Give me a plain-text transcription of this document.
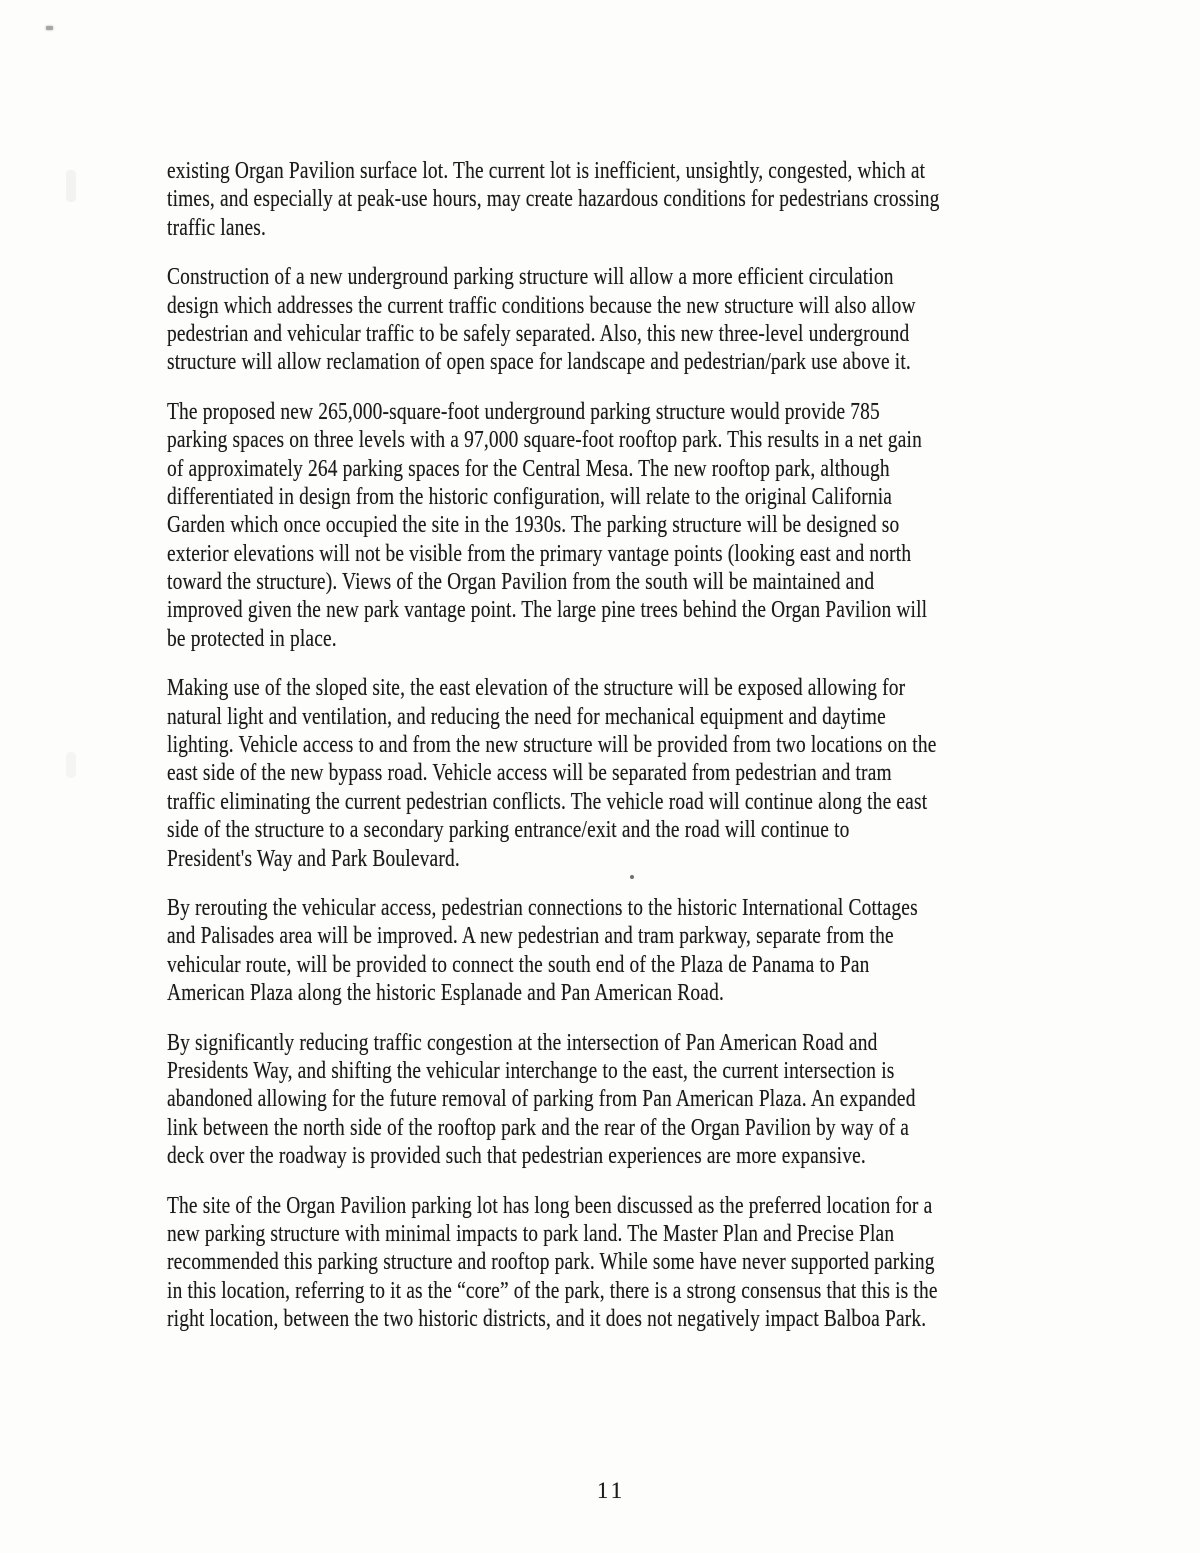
existing Organ Pavilion surface lot. The current lot is inefficient, unsightly, congested, which at
times, and especially at peak-use hours, may create hazardous conditions for pedestrians crossing
traffic lanes.
Construction of a new underground parking structure will allow a more efficient circulation
design which addresses the current traffic conditions because the new structure will also allow
pedestrian and vehicular traffic to be safely separated. Also, this new three-level underground
structure will allow reclamation of open space for landscape and pedestrian/park use above it.
The proposed new 265,000-square-foot underground parking structure would provide 785
parking spaces on three levels with a 97,000 square-foot rooftop park. This results in a net gain
of approximately 264 parking spaces for the Central Mesa. The new rooftop park, although
differentiated in design from the historic configuration, will relate to the original California
Garden which once occupied the site in the 1930s. The parking structure will be designed so
exterior elevations will not be visible from the primary vantage points (looking east and north
toward the structure). Views of the Organ Pavilion from the south will be maintained and
improved given the new park vantage point. The large pine trees behind the Organ Pavilion will
be protected in place.
Making use of the sloped site, the east elevation of the structure will be exposed allowing for
natural light and ventilation, and reducing the need for mechanical equipment and daytime
lighting. Vehicle access to and from the new structure will be provided from two locations on the
east side of the new bypass road. Vehicle access will be separated from pedestrian and tram
traffic eliminating the current pedestrian conflicts. The vehicle road will continue along the east
side of the structure to a secondary parking entrance/exit and the road will continue to
President's Way and Park Boulevard.
By rerouting the vehicular access, pedestrian connections to the historic International Cottages
and Palisades area will be improved. A new pedestrian and tram parkway, separate from the
vehicular route, will be provided to connect the south end of the Plaza de Panama to Pan
American Plaza along the historic Esplanade and Pan American Road.
By significantly reducing traffic congestion at the intersection of Pan American Road and
Presidents Way, and shifting the vehicular interchange to the east, the current intersection is
abandoned allowing for the future removal of parking from Pan American Plaza. An expanded
link between the north side of the rooftop park and the rear of the Organ Pavilion by way of a
deck over the roadway is provided such that pedestrian experiences are more expansive.
The site of the Organ Pavilion parking lot has long been discussed as the preferred location for a
new parking structure with minimal impacts to park land. The Master Plan and Precise Plan
recommended this parking structure and rooftop park. While some have never supported parking
in this location, referring to it as the “core” of the park, there is a strong consensus that this is the
right location, between the two historic districts, and it does not negatively impact Balboa Park.
11
